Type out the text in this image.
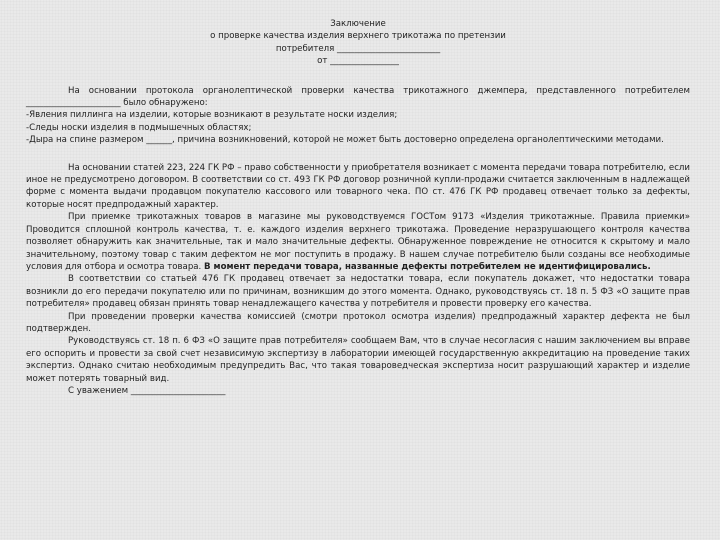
Заключение
о проверке качества изделия верхнего трикотажа по претензии
потребителя ________________________
от ________________

На основании протокола органолептической проверки качества трикотажного джемпера, представленного потребителем ______________________ было обнаружено:

-Явления пиллинга на изделии, которые возникают в результате носки изделия;

-Следы носки изделия в подмышечных областях;

-Дыра на спине размером ______, причина возникновений, которой не может быть достоверно определена органолептическими методами.

На основании статей 223, 224 ГК РФ – право собственности у приобретателя возникает с момента передачи товара потребителю, если иное не предусмотрено договором. В соответствии со ст. 493 ГК РФ договор розничной купли-продажи считается заключенным в надлежащей форме с момента выдачи продавцом покупателю кассового или товарного чека. ПО ст. 476 ГК РФ продавец отвечает только за дефекты, которые носят предпродажный характер.

При приемке трикотажных товаров в магазине мы руководствуемся ГОСТом 9173 «Изделия трикотажные. Правила приемки» Проводится сплошной контроль качества, т. е. каждого изделия верхнего трикотажа. Проведение неразрушающего контроля качества позволяет обнаружить как значительные, так и мало значительные дефекты. Обнаруженное повреждение не относится к скрытому и мало значительному, поэтому товар с таким дефектом не мог поступить в продажу. В нашем случае потребителю были созданы все необходимые условия для отбора и осмотра товара. В момент передачи товара, названные дефекты потребителем не идентифицировались.

В соответствии со статьей 476 ГК продавец отвечает за недостатки товара, если покупатель докажет, что недостатки товара возникли до его передачи покупателю или по причинам, возникшим до этого момента. Однако, руководствуясь ст. 18 п. 5 ФЗ «О защите прав потребителя» продавец обязан принять товар ненадлежащего качества у потребителя и провести проверку его качества.

При проведении проверки качества комиссией (смотри протокол осмотра изделия) предпродажный характер дефекта не был подтвержден.

Руководствуясь ст. 18 п. 6 ФЗ «О защите прав потребителя» сообщаем Вам, что в случае несогласия с нашим заключением вы вправе его оспорить и провести за свой счет независимую экспертизу в лаборатории имеющей государственную аккредитацию на проведение таких экспертиз. Однако считаю необходимым предупредить Вас, что такая товароведческая экспертиза носит разрушающий характер и изделие может потерять товарный вид.

С уважением ______________________
